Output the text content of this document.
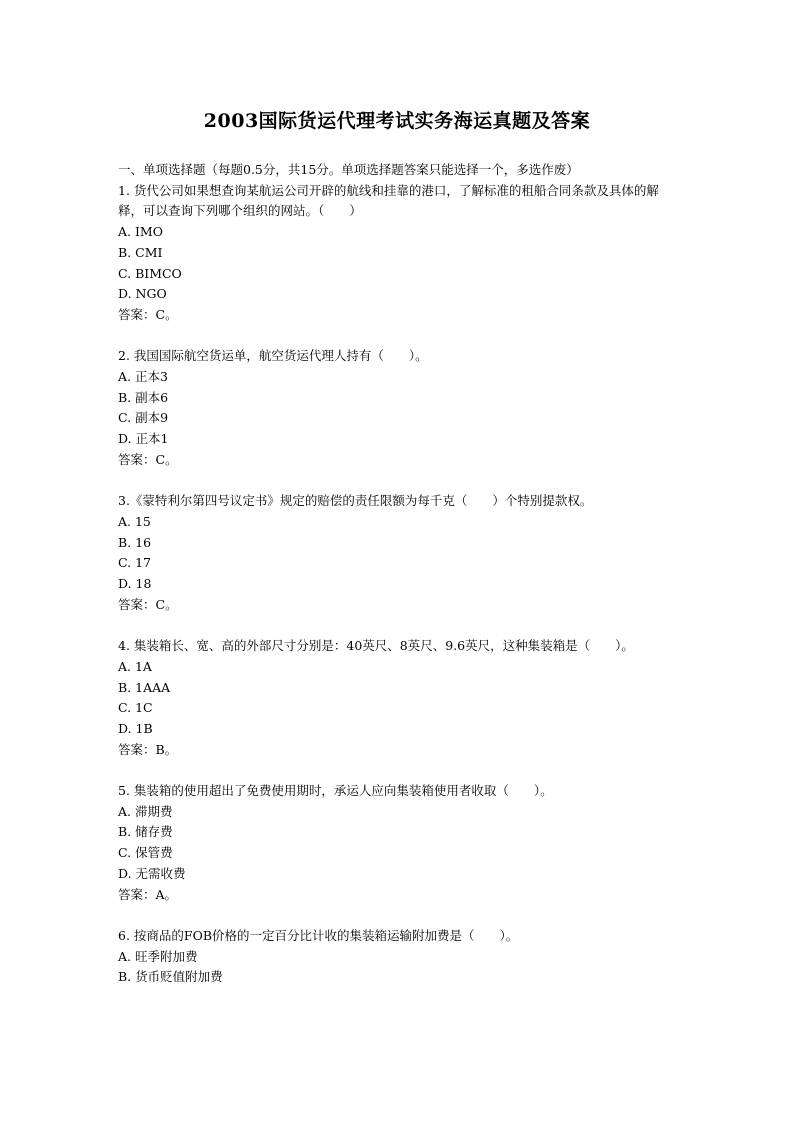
2003国际货运代理考试实务海运真题及答案
一、单项选择题（每题0.5分，共15分。单项选择题答案只能选择一个，多选作废）
1. 货代公司如果想查询某航运公司开辟的航线和挂靠的港口，了解标准的租船合同条款及具体的解释，可以查询下列哪个组织的网站。（　　）
A. IMO
B. CMI
C. BIMCO
D. NGO
答案：C。
2. 我国国际航空货运单，航空货运代理人持有（　　）。
A. 正本3
B. 副本6
C. 副本9
D. 正本1
答案：C。
3.《蒙特利尔第四号议定书》规定的赔偿的责任限额为每千克（　　）个特别提款权。
A. 15
B. 16
C. 17
D. 18
答案：C。
4. 集装箱长、宽、高的外部尺寸分别是：40英尺、8英尺、9.6英尺，这种集装箱是（　　）。
A. 1A
B. 1AAA
C. 1C
D. 1B
答案：B。
5. 集装箱的使用超出了免费使用期时，承运人应向集装箱使用者收取（　　）。
A. 滞期费
B. 储存费
C. 保管费
D. 无需收费
答案：A。
6. 按商品的FOB价格的一定百分比计收的集装箱运输附加费是（　　）。
A. 旺季附加费
B. 货币贬值附加费
